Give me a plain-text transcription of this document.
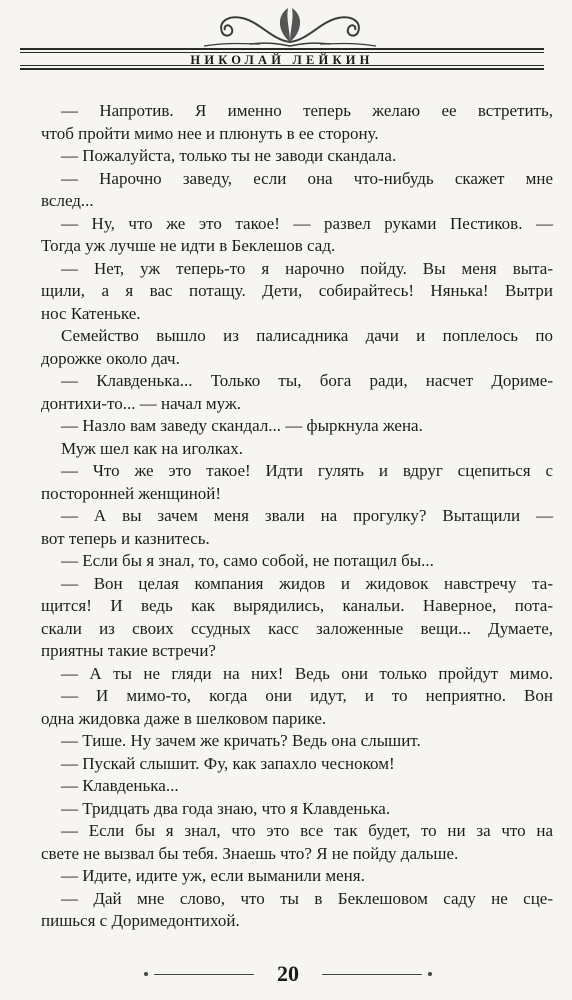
НИКОЛАЙ ЛЕЙКИН
— Напротив. Я именно теперь желаю ее встретить,
чтоб пройти мимо нее и плюнуть в ее сторону.
— Пожалуйста, только ты не заводи скандала.
— Нарочно заведу, если она что-нибудь скажет мне
вслед...
— Ну, что же это такое! — развел руками Пестиков. —
Тогда уж лучше не идти в Беклешов сад.
— Нет, уж теперь-то я нарочно пойду. Вы меня выта-
щили, а я вас потащу. Дети, собирайтесь! Нянька! Вытри
нос Катеньке.
Семейство вышло из палисадника дачи и поплелось по
дорожке около дач.
— Клавденька... Только ты, бога ради, насчет Дориме-
донтихи-то... — начал муж.
— Назло вам заведу скандал... — фыркнула жена.
Муж шел как на иголках.
— Что же это такое! Идти гулять и вдруг сцепиться с
посторонней женщиной!
— А вы зачем меня звали на прогулку? Вытащили —
вот теперь и казнитесь.
— Если бы я знал, то, само собой, не потащил бы...
— Вон целая компания жидов и жидовок навстречу та-
щится! И ведь как вырядились, канальи. Наверное, пота-
скали из своих ссудных касс заложенные вещи... Думаете,
приятны такие встречи?
— А ты не гляди на них! Ведь они только пройдут мимо.
— И мимо-то, когда они идут, и то неприятно. Вон
одна жидовка даже в шелковом парике.
— Тише. Ну зачем же кричать? Ведь она слышит.
— Пускай слышит. Фу, как запахло чесноком!
— Клавденька...
— Тридцать два года знаю, что я Клавденька.
— Если бы я знал, что это все так будет, то ни за что на
свете не вызвал бы тебя. Знаешь что? Я не пойду дальше.
— Идите, идите уж, если выманили меня.
— Дай мне слово, что ты в Беклешовом саду не сце-
пишься с Доримедонтихой.
20
